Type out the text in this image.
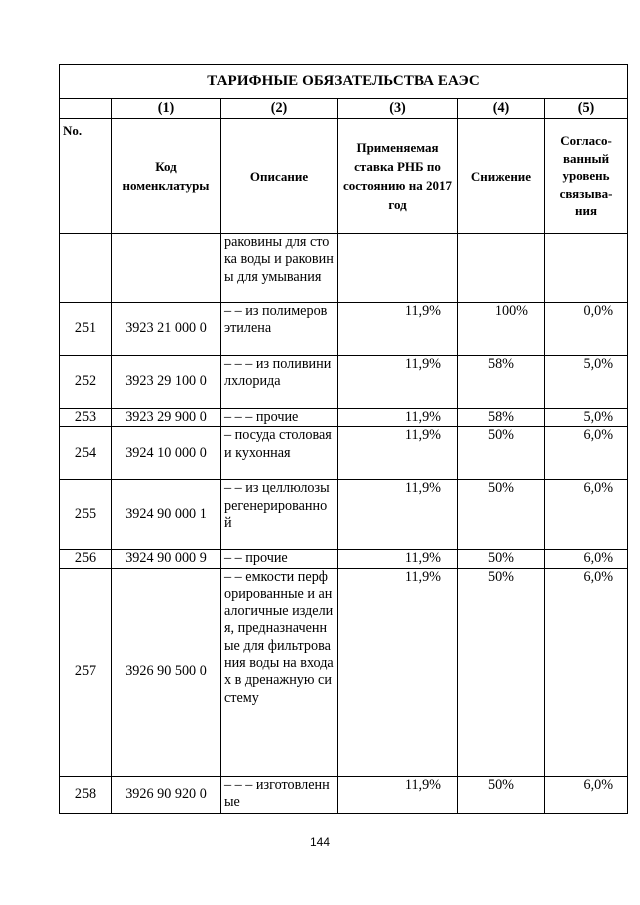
ТАРИФНЫЕ ОБЯЗАТЕЛЬСТВА ЕАЭС					
	(1)	(2)	(3)	(4)	(5)
No.	Код номенклатуры	Описание	Применяемая ставка РНБ по состоянию на 2017 год	Снижение	Согласо- ванный уровень связыва- ния
		раковины для стока воды и раковины для умывания			
251	3923 21 000 0	– – из полимеров этилена	11,9%	100%	0,0%
252	3923 29 100 0	– – – из поливинилхлорида	11,9%	58%	5,0%
253	3923 29 900 0	– – – прочие	11,9%	58%	5,0%
254	3924 10 000 0	– посуда столовая и кухонная	11,9%	50%	6,0%
255	3924 90 000 1	– – из целлюлозы регенерированной	11,9%	50%	6,0%
256	3924 90 000 9	– – прочие	11,9%	50%	6,0%
257	3926 90 500 0	– – емкости перфорированные и аналогичные изделия, предназначенные для фильтрования воды на входах в дренажную систему	11,9%	50%	6,0%
258	3926 90 920 0	– – – изготовленные	11,9%	50%	6,0%
144
